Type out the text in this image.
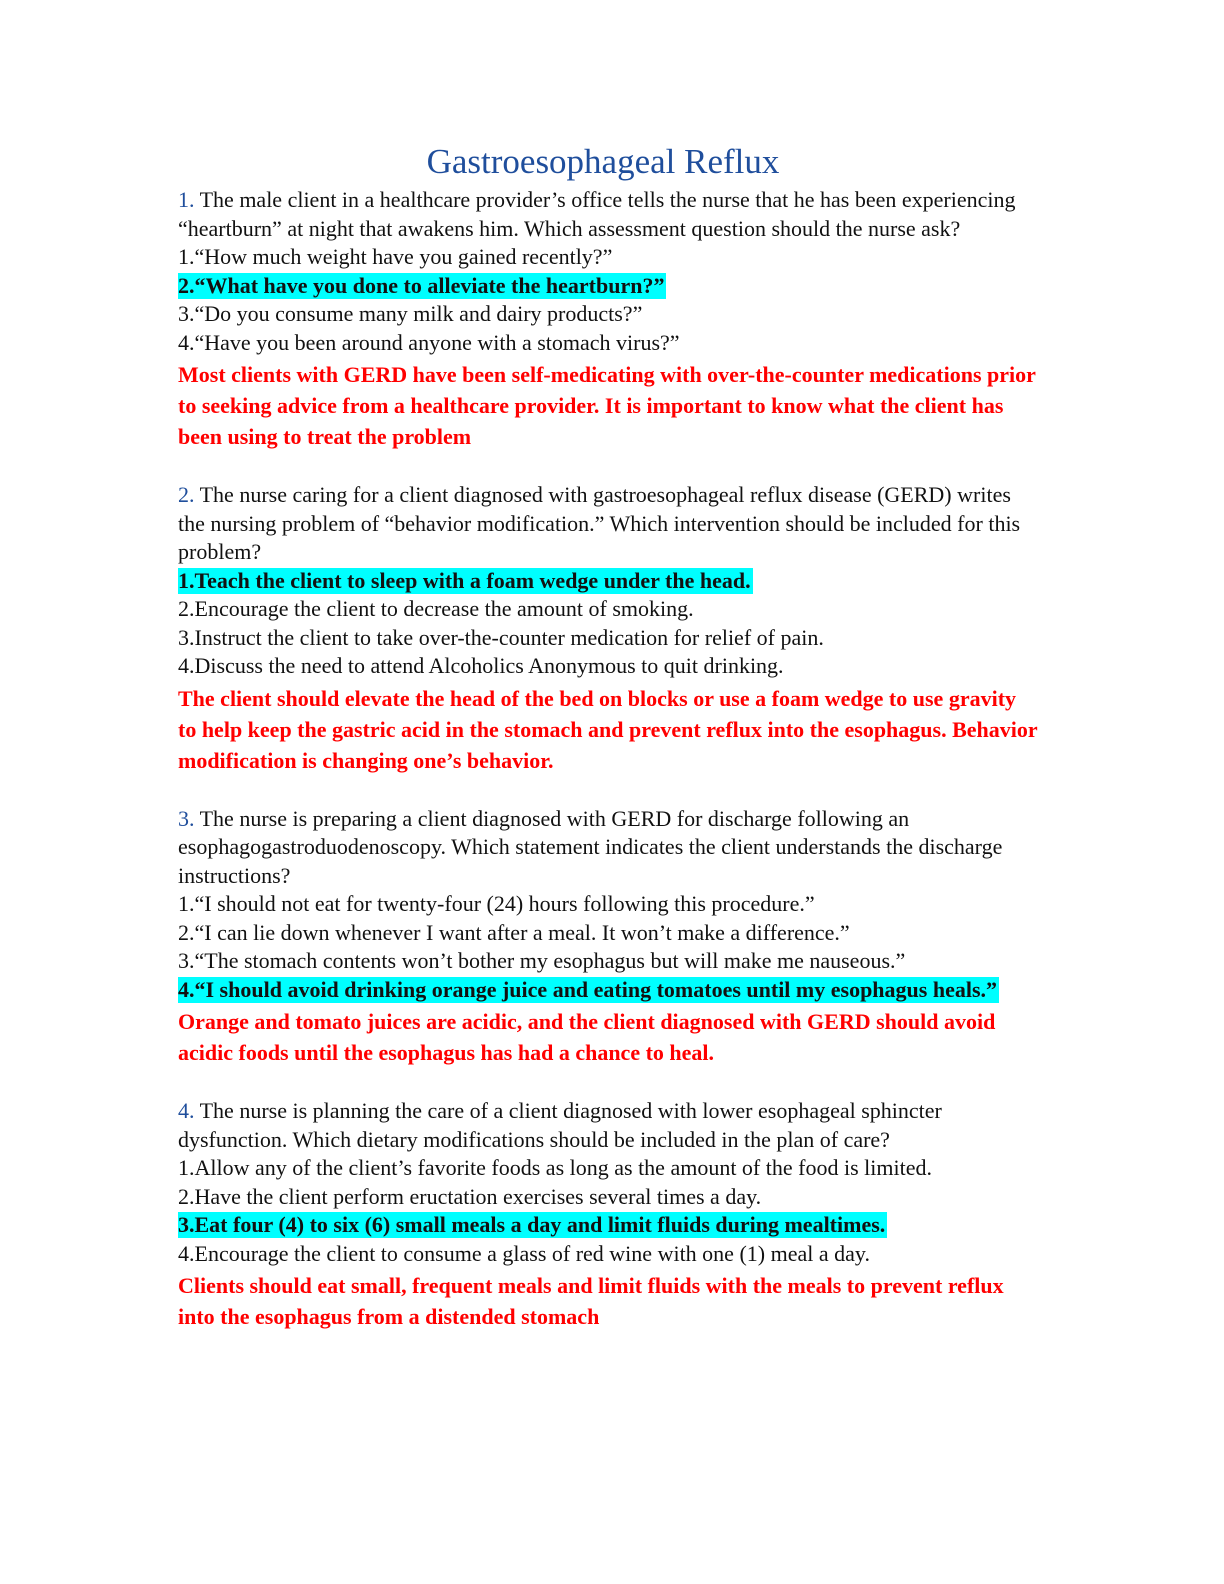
Gastroesophageal Reflux

1. The male client in a healthcare provider’s office tells the nurse that he has been experiencing “heartburn” at night that awakens him. Which assessment question should the nurse ask?

1.“How much weight have you gained recently?”

2.“What have you done to alleviate the heartburn?”

3.“Do you consume many milk and dairy products?”

4.“Have you been around anyone with a stomach virus?”

Most clients with GERD have been self-medicating with over-the-counter medications prior to seeking advice from a healthcare provider. It is important to know what the client has been using to treat the problem

2. The nurse caring for a client diagnosed with gastroesophageal reflux disease (GERD) writes the nursing problem of “behavior modification.” Which intervention should be included for this problem?

1.Teach the client to sleep with a foam wedge under the head.

2.Encourage the client to decrease the amount of smoking.

3.Instruct the client to take over-the-counter medication for relief of pain.

4.Discuss the need to attend Alcoholics Anonymous to quit drinking.

The client should elevate the head of the bed on blocks or use a foam wedge to use gravity to help keep the gastric acid in the stomach and prevent reflux into the esophagus. Behavior modification is changing one’s behavior.

3. The nurse is preparing a client diagnosed with GERD for discharge following an esophagogastroduodenoscopy. Which statement indicates the client understands the discharge instructions?

1.“I should not eat for twenty-four (24) hours following this procedure.”

2.“I can lie down whenever I want after a meal. It won’t make a difference.”

3.“The stomach contents won’t bother my esophagus but will make me nauseous.”

4.“I should avoid drinking orange juice and eating tomatoes until my esophagus heals.”

Orange and tomato juices are acidic, and the client diagnosed with GERD should avoid acidic foods until the esophagus has had a chance to heal.

4. The nurse is planning the care of a client diagnosed with lower esophageal sphincter dysfunction. Which dietary modifications should be included in the plan of care?

1.Allow any of the client’s favorite foods as long as the amount of the food is limited.

2.Have the client perform eructation exercises several times a day.

3.Eat four (4) to six (6) small meals a day and limit fluids during mealtimes.

4.Encourage the client to consume a glass of red wine with one (1) meal a day.

Clients should eat small, frequent meals and limit fluids with the meals to prevent reflux into the esophagus from a distended stomach
